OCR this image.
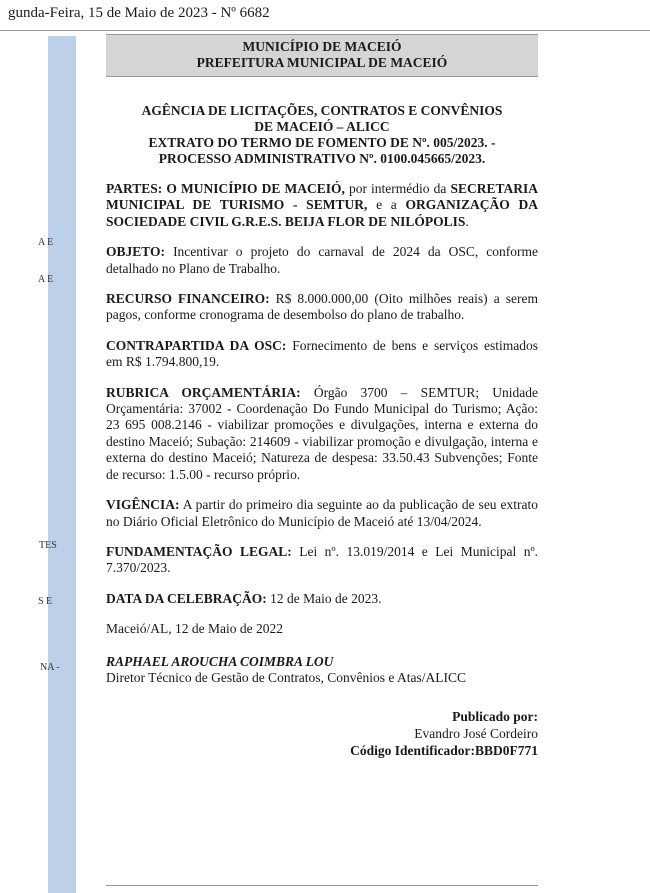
gunda-Feira, 15 de Maio de 2023 - Nº 6682
A E
A E
TES
S E
NA -
MUNICÍPIO DE MACEIÓ
PREFEITURA MUNICIPAL DE MACEIÓ
AGÊNCIA DE LICITAÇÕES, CONTRATOS E CONVÊNIOS
DE MACEIÓ – ALICC
EXTRATO DO TERMO DE FOMENTO DE Nº. 005/2023. -
PROCESSO ADMINISTRATIVO Nº. 0100.045665/2023.

PARTES: O MUNICÍPIO DE MACEIÓ, por intermédio da SECRETARIA MUNICIPAL DE TURISMO - SEMTUR, e a ORGANIZAÇÃO DA SOCIEDADE CIVIL G.R.E.S. BEIJA FLOR DE NILÓPOLIS.

OBJETO: Incentivar o projeto do carnaval de 2024 da OSC, conforme detalhado no Plano de Trabalho.

RECURSO FINANCEIRO: R$ 8.000.000,00 (Oito milhões reais) a serem pagos, conforme cronograma de desembolso do plano de trabalho.

CONTRAPARTIDA DA OSC: Fornecimento de bens e serviços estimados em R$ 1.794.800,19.

RUBRICA ORÇAMENTÁRIA: Órgão 3700 – SEMTUR; Unidade Orçamentária: 37002 - Coordenação Do Fundo Municipal do Turismo; Ação: 23 695 008.2146 - viabilizar promoções e divulgações, interna e externa do destino Maceió; Subação: 214609 - viabilizar promoção e divulgação, interna e externa do destino Maceió; Natureza de despesa: 33.50.43 Subvenções; Fonte de recurso: 1.5.00 - recurso próprio.

VIGÊNCIA: A partir do primeiro dia seguinte ao da publicação de seu extrato no Diário Oficial Eletrônico do Município de Maceió até 13/04/2024.

FUNDAMENTAÇÃO LEGAL: Lei nº. 13.019/2014 e Lei Municipal nº. 7.370/2023.

DATA DA CELEBRAÇÃO: 12 de Maio de 2023.

Maceió/AL, 12 de Maio de 2022

RAPHAEL AROUCHA COIMBRA LOU
Diretor Técnico de Gestão de Contratos, Convênios e Atas/ALICC
Publicado por:
Evandro José Cordeiro
Código Identificador:BBD0F771
